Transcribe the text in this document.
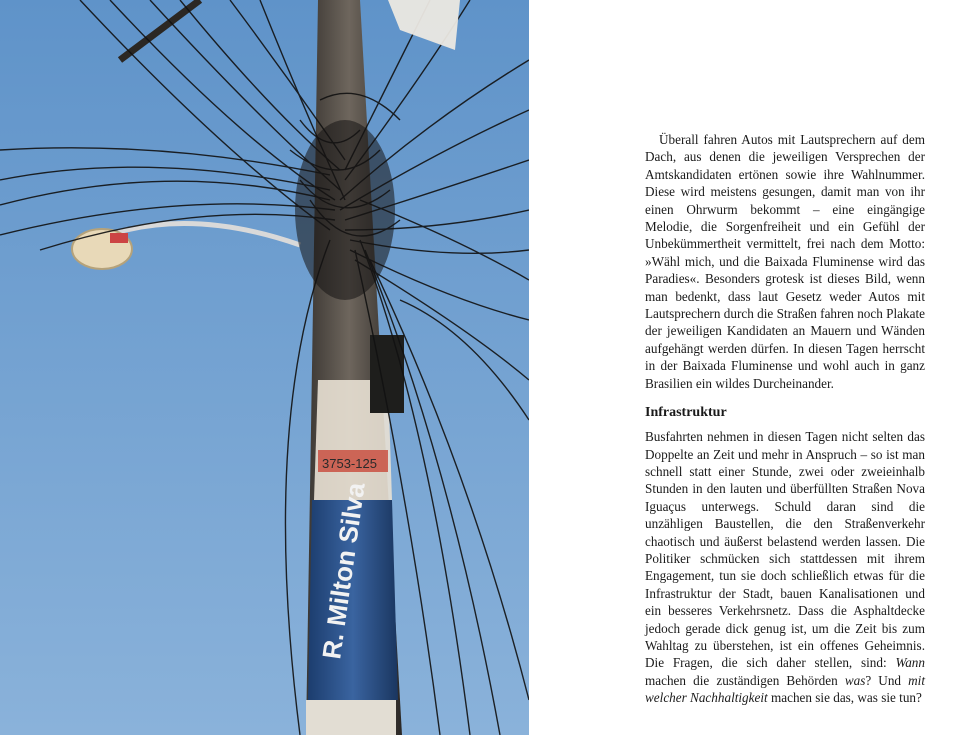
3753-125
R. Milton Silva

Überall fahren Autos mit Lautsprechern auf dem Dach, aus denen die jeweiligen Versprechen der Amtskandidaten ertönen sowie ihre Wahlnummer. Diese wird meistens gesungen, damit man von ihr einen Ohrwurm bekommt – eine eingängige Melodie, die Sorgenfreiheit und ein Gefühl der Unbekümmertheit vermittelt, frei nach dem Motto: »Wähl mich, und die Baixada Fluminense wird das Paradies«. Besonders grotesk ist dieses Bild, wenn man bedenkt, dass laut Gesetz weder Autos mit Lautsprechern durch die Straßen fahren noch Plakate der jeweiligen Kandidaten an Mauern und Wänden aufgehängt werden dürfen. In diesen Tagen herrscht in der Baixada Fluminense und wohl auch in ganz Brasilien ein wildes Durcheinander.

Infrastruktur

Busfahrten nehmen in diesen Tagen nicht selten das Doppelte an Zeit und mehr in Anspruch – so ist man schnell statt einer Stunde, zwei oder zweieinhalb Stunden in den lauten und überfüllten Straßen Nova Iguaçus unterwegs. Schuld daran sind die unzähligen Baustellen, die den Straßenverkehr chaotisch und äußerst belastend werden lassen. Die Politiker schmücken sich stattdessen mit ihrem Engagement, tun sie doch schließlich etwas für die Infrastruktur der Stadt, bauen Kanalisationen und ein besseres Verkehrsnetz. Dass die Asphaltdecke jedoch gerade dick genug ist, um die Zeit bis zum Wahltag zu überstehen, ist ein offenes Geheimnis. Die Fragen, die sich daher stellen, sind: Wann machen die zuständigen Behörden was? Und mit welcher Nachhaltigkeit machen sie das, was sie tun?
